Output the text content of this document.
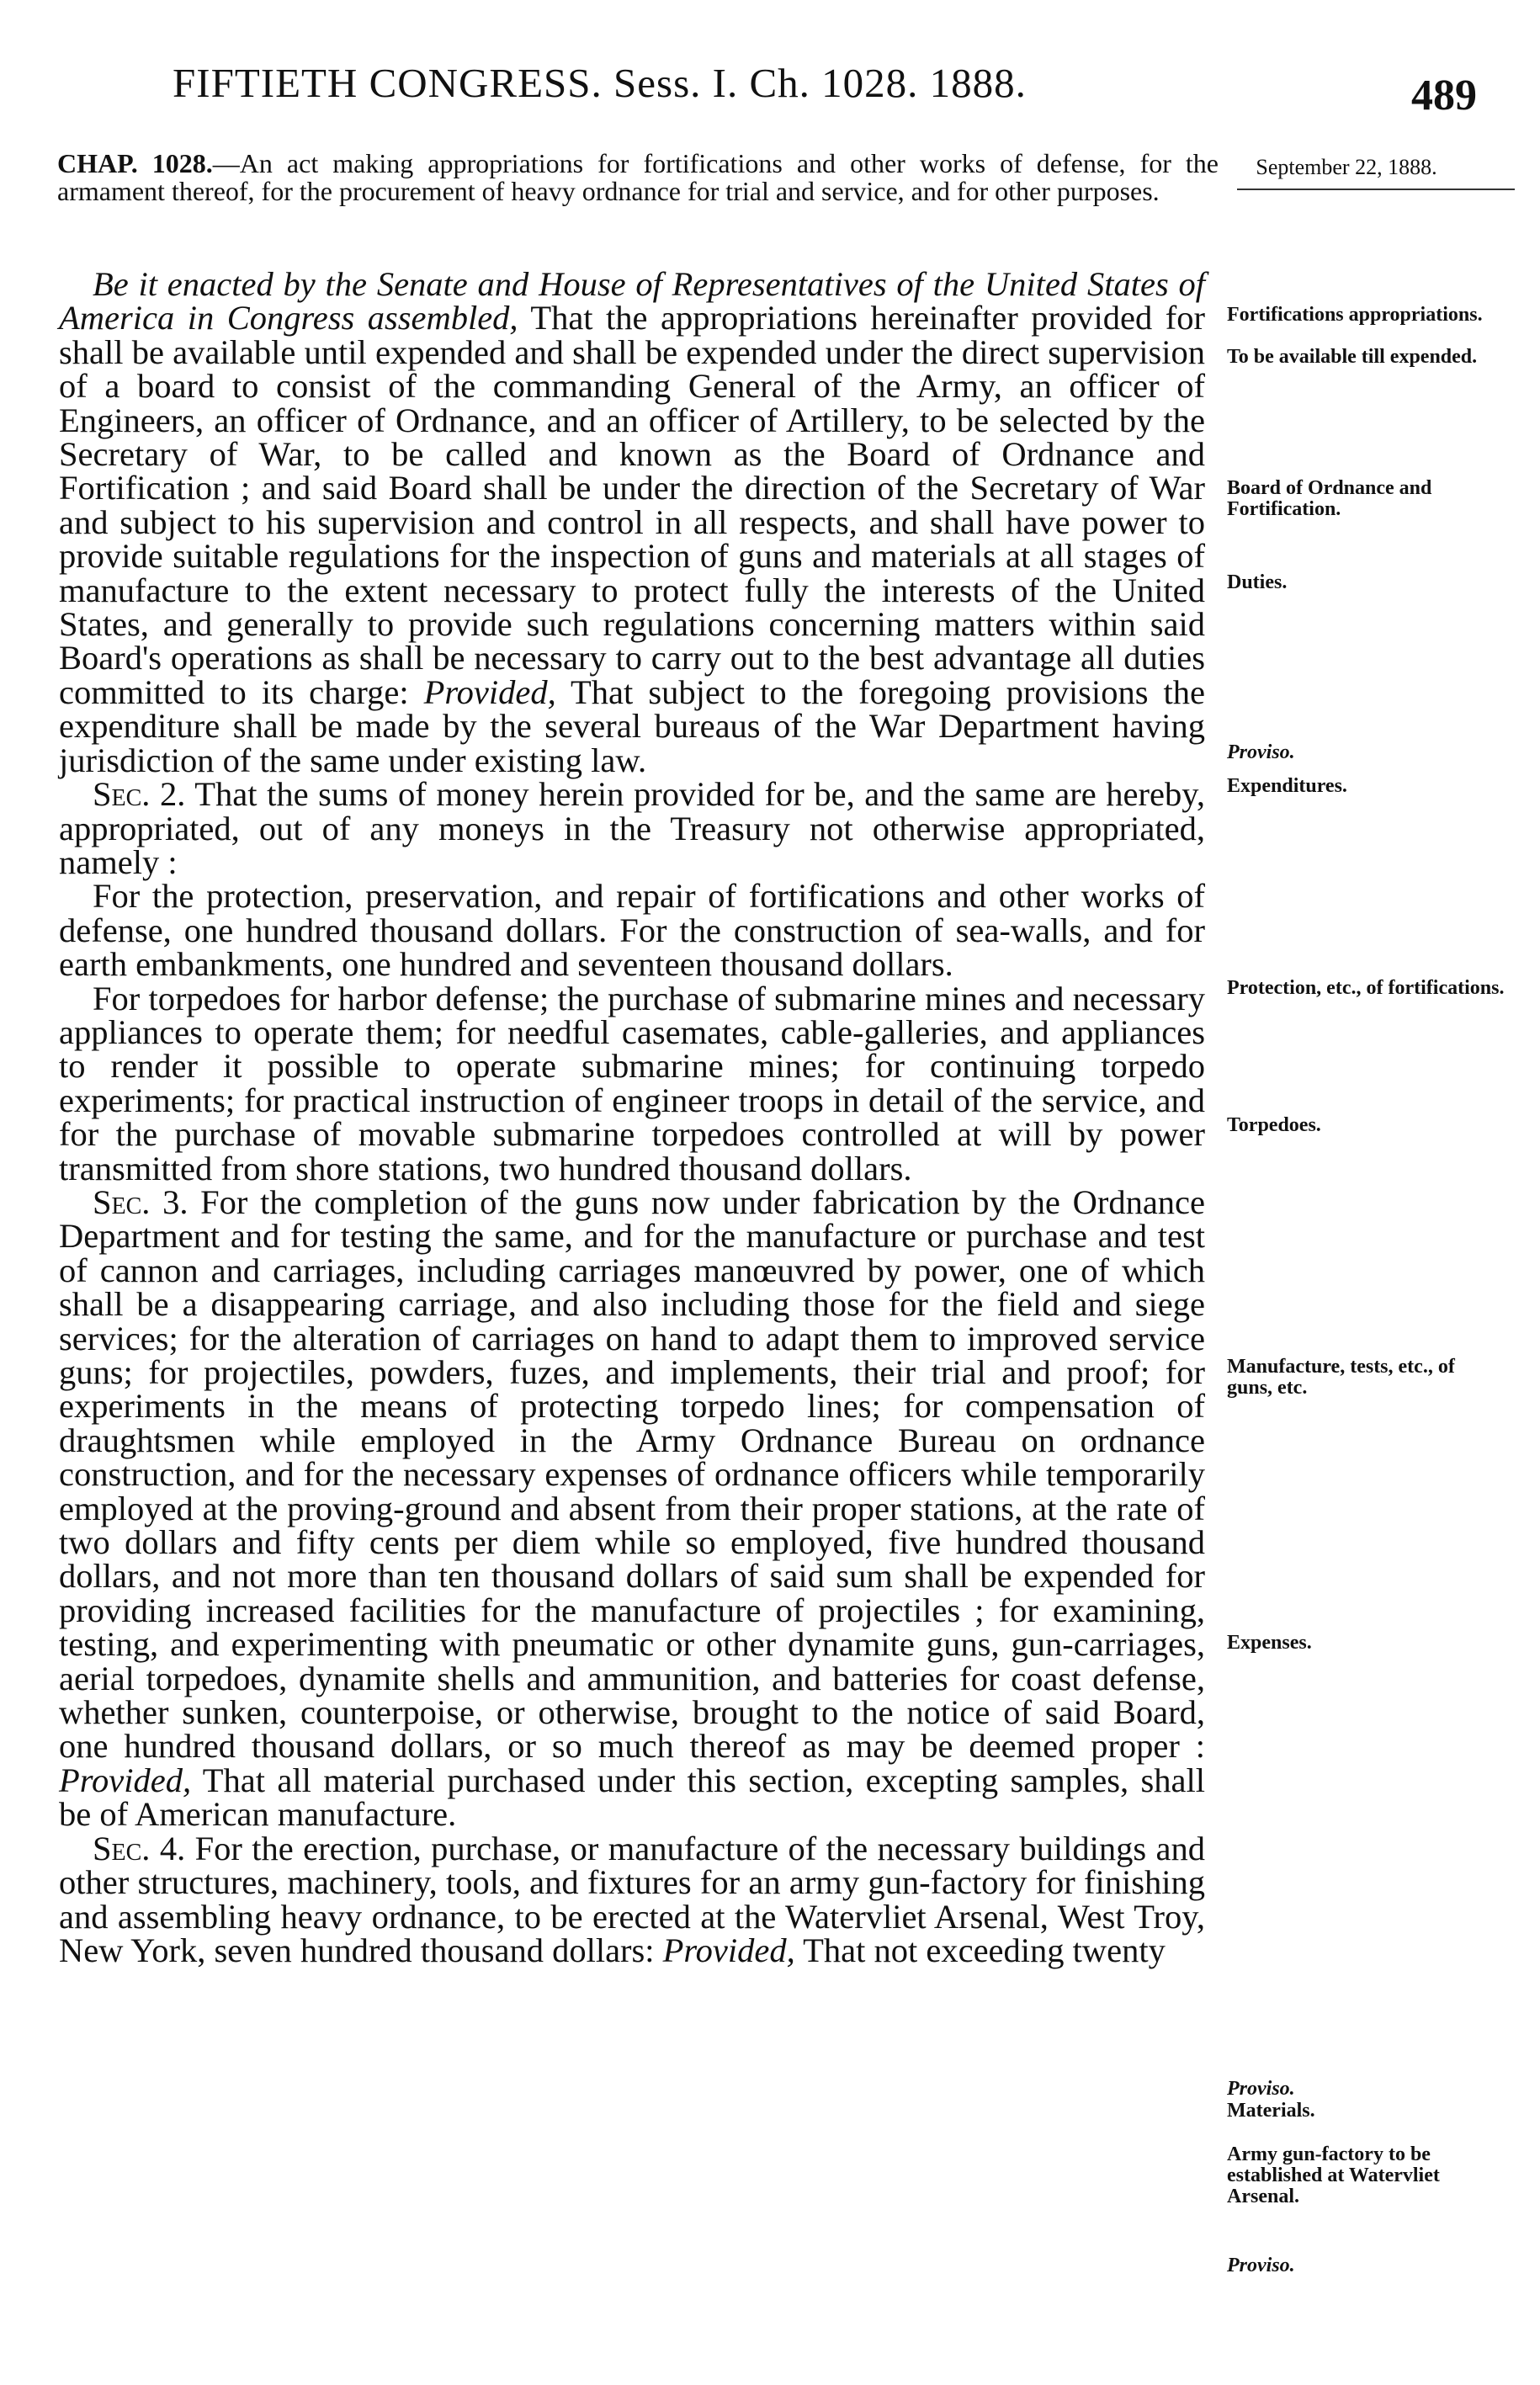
FIFTIETH CONGRESS. Sess. I. Ch. 1028. 1888.	489
CHAP. 1028.—An act making appropriations for fortifications and other works of defense, for the armament thereof, for the procurement of heavy ordnance for trial and service, and for other purposes.
September 22, 1888.

Be it enacted by the Senate and House of Representatives of the United States of America in Congress assembled, That the appropriations hereinafter provided for shall be available until expended and shall be expended under the direct supervision of a board to consist of the commanding General of the Army, an officer of Engineers, an officer of Ordnance, and an officer of Artillery, to be selected by the Secretary of War, to be called and known as the Board of Ordnance and Fortification ; and said Board shall be under the direction of the Secretary of War and subject to his supervision and control in all respects, and shall have power to provide suitable regulations for the inspection of guns and materials at all stages of manufacture to the extent necessary to protect fully the interests of the United States, and generally to provide such regulations concerning matters within said Board's operations as shall be necessary to carry out to the best advantage all duties committed to its charge: Provided, That subject to the foregoing provisions the expenditure shall be made by the several bureaus of the War Department having jurisdiction of the same under existing law.

Sec. 2. That the sums of money herein provided for be, and the same are hereby, appropriated, out of any moneys in the Treasury not otherwise appropriated, namely :

For the protection, preservation, and repair of fortifications and other works of defense, one hundred thousand dollars. For the construction of sea-walls, and for earth embankments, one hundred and seventeen thousand dollars.

For torpedoes for harbor defense; the purchase of submarine mines and necessary appliances to operate them; for needful casemates, cable-galleries, and appliances to render it possible to operate submarine mines; for continuing torpedo experiments; for practical instruction of engineer troops in detail of the service, and for the purchase of movable submarine torpedoes controlled at will by power transmitted from shore stations, two hundred thousand dollars.

Sec. 3. For the completion of the guns now under fabrication by the Ordnance Department and for testing the same, and for the manufacture or purchase and test of cannon and carriages, including carriages manœuvred by power, one of which shall be a disappearing carriage, and also including those for the field and siege services; for the alteration of carriages on hand to adapt them to improved service guns; for projectiles, powders, fuzes, and implements, their trial and proof; for experiments in the means of protecting torpedo lines; for compensation of draughtsmen while employed in the Army Ordnance Bureau on ordnance construction, and for the necessary expenses of ordnance officers while temporarily employed at the proving-ground and absent from their proper stations, at the rate of two dollars and fifty cents per diem while so employed, five hundred thousand dollars, and not more than ten thousand dollars of said sum shall be expended for providing increased facilities for the manufacture of projectiles ; for examining, testing, and experimenting with pneumatic or other dynamite guns, gun-carriages, aerial torpedoes, dynamite shells and ammunition, and batteries for coast defense, whether sunken, counterpoise, or otherwise, brought to the notice of said Board, one hundred thousand dollars, or so much thereof as may be deemed proper : Provided, That all material purchased under this section, excepting samples, shall be of American manufacture.

Sec. 4. For the erection, purchase, or manufacture of the necessary buildings and other structures, machinery, tools, and fixtures for an army gun-factory for finishing and assembling heavy ordnance, to be erected at the Watervliet Arsenal, West Troy, New York, seven hundred thousand dollars: Provided, That not exceeding twenty

Fortifications appropriations.
To be available till expended.
Board of Ordnance and Fortification.
Duties.
Proviso.
Expenditures.
Protection, etc., of fortifications.
Torpedoes.
Manufacture, tests, etc., of guns, etc.
Expenses.
Proviso.
Materials.
Army gun-factory to be established at Watervliet Arsenal.
Proviso.
